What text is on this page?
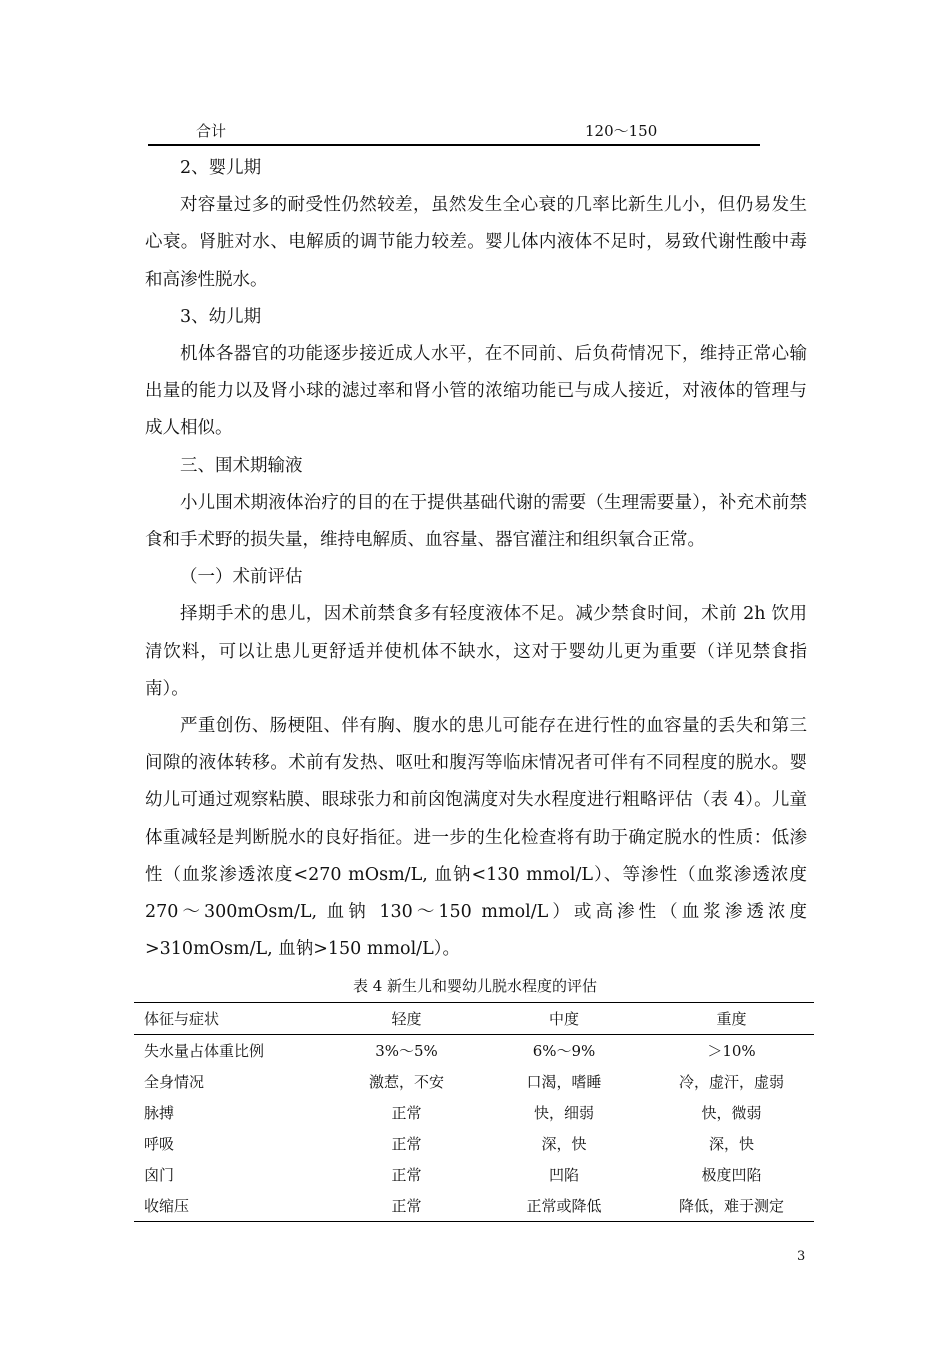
合计	120～150

2、婴儿期

对容量过多的耐受性仍然较差，虽然发生全心衰的几率比新生儿小，但仍易发生心衰。肾脏对水、电解质的调节能力较差。婴儿体内液体不足时，易致代谢性酸中毒和高渗性脱水。

3、幼儿期

机体各器官的功能逐步接近成人水平，在不同前、后负荷情况下，维持正常心输出量的能力以及肾小球的滤过率和肾小管的浓缩功能已与成人接近，对液体的管理与成人相似。

三、围术期输液

小儿围术期液体治疗的目的在于提供基础代谢的需要（生理需要量），补充术前禁食和手术野的损失量，维持电解质、血容量、器官灌注和组织氧合正常。

（一）术前评估

择期手术的患儿，因术前禁食多有轻度液体不足。减少禁食时间，术前 2h 饮用清饮料，可以让患儿更舒适并使机体不缺水，这对于婴幼儿更为重要（详见禁食指南）。

严重创伤、肠梗阻、伴有胸、腹水的患儿可能存在进行性的血容量的丢失和第三间隙的液体转移。术前有发热、呕吐和腹泻等临床情况者可伴有不同程度的脱水。婴幼儿可通过观察粘膜、眼球张力和前囟饱满度对失水程度进行粗略评估（表 4）。儿童体重减轻是判断脱水的良好指征。进一步的生化检查将有助于确定脱水的性质：低渗性（血浆渗透浓度<270 mOsm/L, 血钠<130 mmol/L）、等渗性（血浆渗透浓度 270～300mOsm/L, 血钠 130～150 mmol/L）或高渗性（血浆渗透浓度>310mOsm/L, 血钠>150 mmol/L）。

表 4 新生儿和婴幼儿脱水程度的评估
体征与症状	轻度	中度	重度
失水量占体重比例	3%～5%	6%～9%	＞10%
全身情况	激惹，不安	口渴，嗜睡	冷，虚汗，虚弱
脉搏	正常	快，细弱	快，微弱
呼吸	正常	深，快	深，快
囟门	正常	凹陷	极度凹陷
收缩压	正常	正常或降低	降低，难于测定
3
